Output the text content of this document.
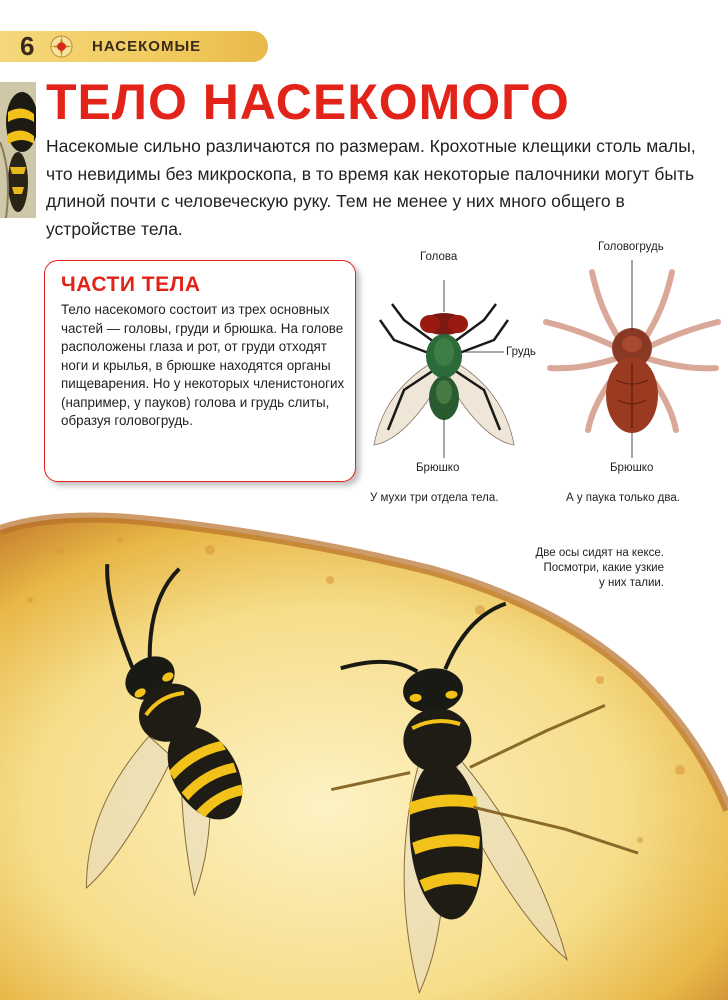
6	НАСЕКОМЫЕ
ТЕЛО НАСЕКОМОГО

Насекомые сильно различаются по размерам. Крохотные клещики столь малы, что невидимы без микроскопа, в то время как некоторые палочники могут быть длиной почти с человеческую руку. Тем не менее у них много общего в устройстве тела.

ЧАСТИ ТЕЛА

Тело насекомого состоит из трех основных частей — головы, груди и брюшка. На голове расположены глаза и рот, от груди отходят ноги и крылья, в брюшке находятся органы пищеварения. Но у некоторых членистоногих (например, у пауков) голова и грудь слиты, образуя головогрудь.

Голова
Грудь
Брюшко
У мухи три отдела тела.
Головогрудь
Брюшко
А у паука только два.

Две осы сидят на кексе.
Посмотри, какие узкие
у них талии.
